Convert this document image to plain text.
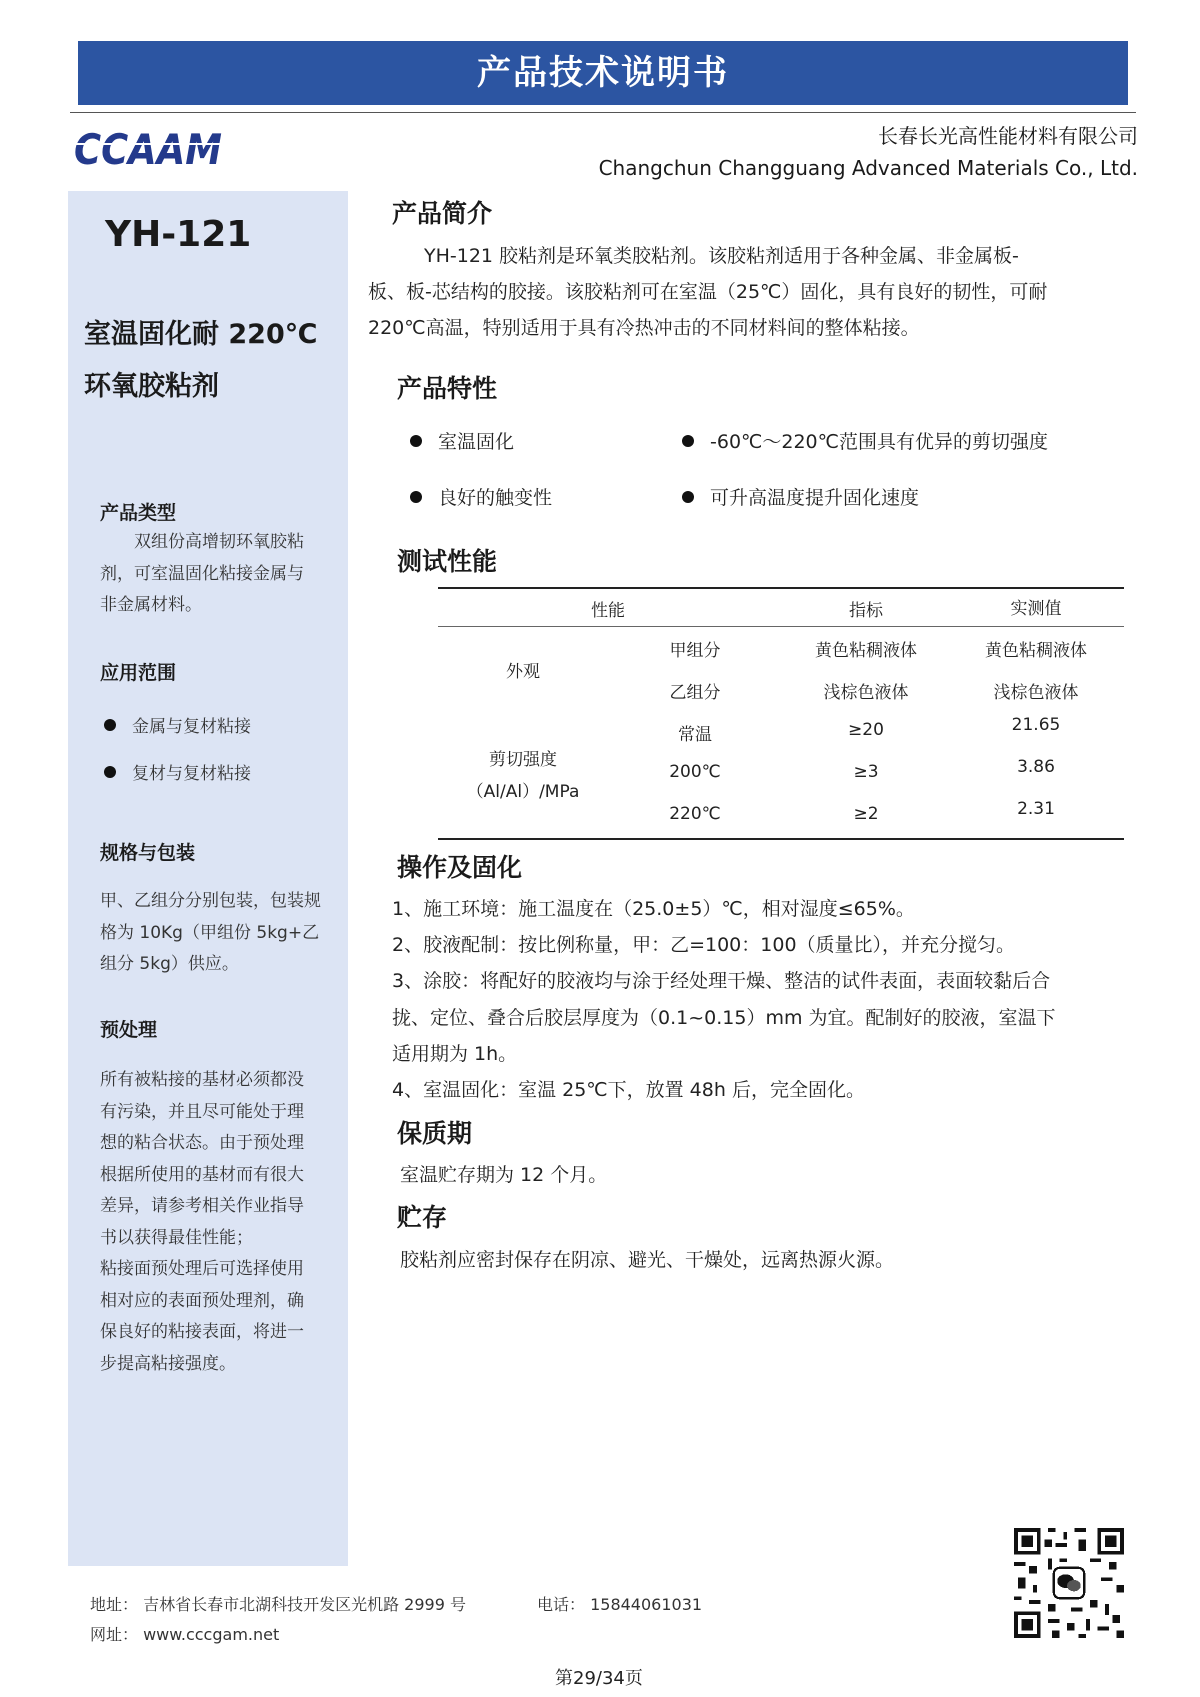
产品技术说明书
CCAAM	长春长光高性能材料有限公司
Changchun Changguang Advanced Materials Co., Ltd.
YH-121
室温固化耐 220℃
环氧胶粘剂
产品类型
　　双组份高增韧环氧胶粘
剂，可室温固化粘接金属与
非金属材料。
应用范围
金属与复材粘接
复材与复材粘接
规格与包装
甲、乙组分分别包装，包装规
格为 10Kg（甲组份 5kg+乙
组分 5kg）供应。
预处理
所有被粘接的基材必须都没
有污染，并且尽可能处于理
想的粘合状态。由于预处理
根据所使用的基材而有很大
差异，请参考相关作业指导
书以获得最佳性能；
粘接面预处理后可选择使用
相对应的表面预处理剂，确
保良好的粘接表面，将进一
步提高粘接强度。
产品简介
YH-121 胶粘剂是环氧类胶粘剂。该胶粘剂适用于各种金属、非金属板-
板、板-芯结构的胶接。该胶粘剂可在室温（25℃）固化，具有良好的韧性，可耐
220℃高温，特别适用于具有冷热冲击的不同材料间的整体粘接。
产品特性
室温固化	-60℃～220℃范围具有优异的剪切强度
良好的触变性	可升高温度提升固化速度
测试性能
性能	指标	实测值
外观
甲组分	黄色粘稠液体	黄色粘稠液体
乙组分	浅棕色液体	浅棕色液体
剪切强度
（Al/Al）/MPa
常温	≥20	21.65
200℃	≥3	3.86
220℃	≥2	2.31
操作及固化
1、施工环境：施工温度在（25.0±5）℃，相对湿度≤65%。
2、胶液配制：按比例称量，甲：乙=100：100（质量比），并充分搅匀。
3、涂胶：将配好的胶液均与涂于经处理干燥、整洁的试件表面，表面较黏后合
拢、定位、叠合后胶层厚度为（0.1~0.15）mm 为宜。配制好的胶液，室温下
适用期为 1h。
4、室温固化：室温 25℃下，放置 48h 后，完全固化。
保质期
室温贮存期为 12 个月。
贮存
胶粘剂应密封保存在阴凉、避光、干燥处，远离热源火源。
地址： 吉林省长春市北湖科技开发区光机路 2999 号	电话： 15844061031
网址： www.cccgam.net
第29/34页
